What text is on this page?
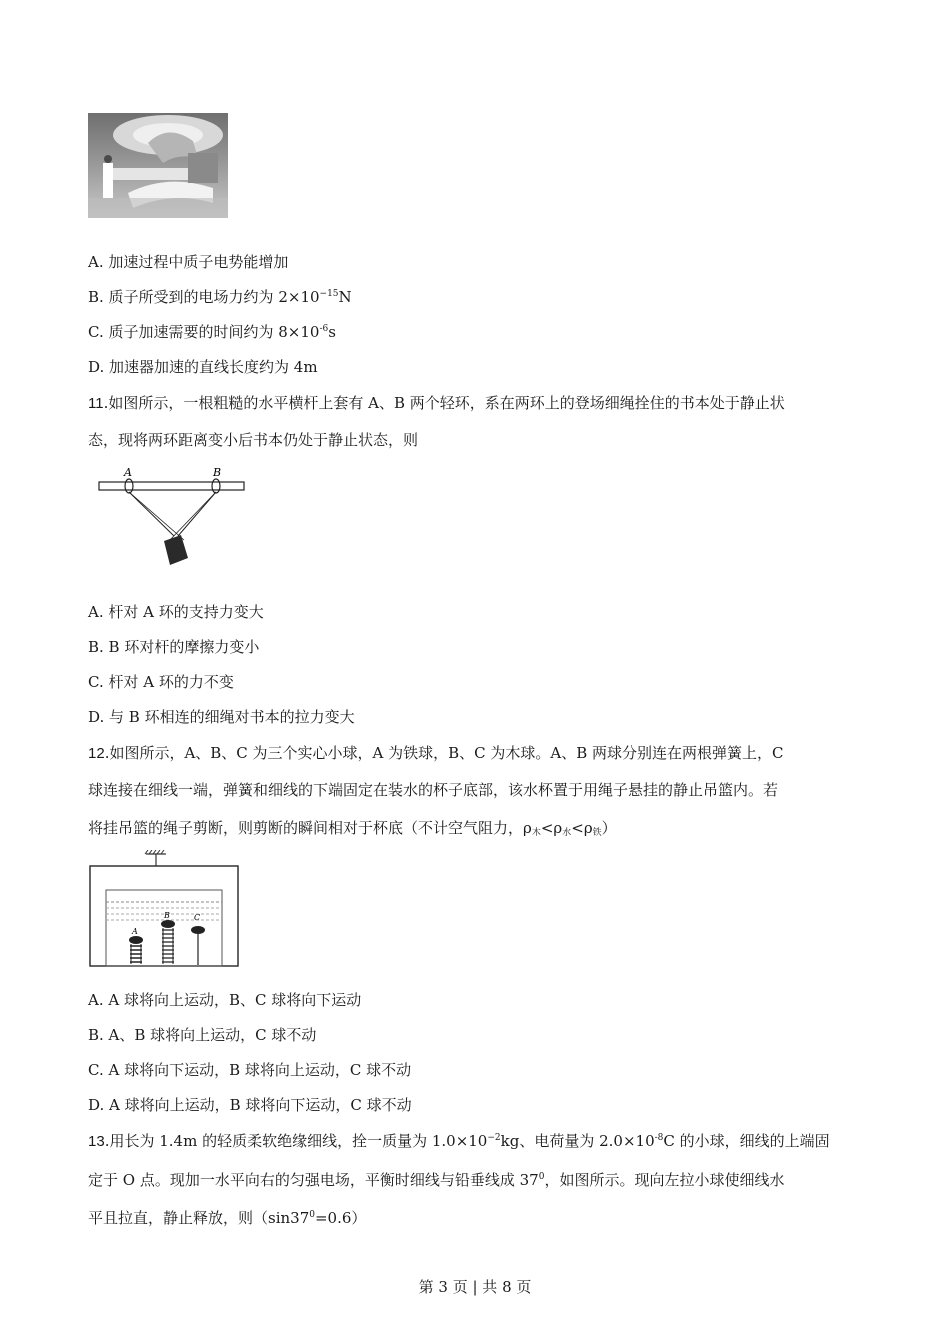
A. 加速过程中质子电势能增加
B. 质子所受到的电场力约为 $2\times 10^{-15}N$
C. 质子加速需要的时间约为 $8\times 10^{-6}s$
D. 加速器加速的直线长度约为 4m
11.如图所示，一根粗糙的水平横杆上套有 A、B 两个轻环，系在两环上的登场细绳拴住的书本处于静止状
态，现将两环距离变小后书本仍处于静止状态，则
A	B
A. 杆对 A 环的支持力变大
B. B 环对杆的摩擦力变小
C. 杆对 A 环的力不变
D. 与 B 环相连的细绳对书本的拉力变大
12.如图所示，A、B、C 为三个实心小球，A 为铁球，B、C 为木球。A、B 两球分别连在两根弹簧上，C
球连接在细线一端，弹簧和细线的下端固定在装水的杯子底部，该水杯置于用绳子悬挂的静止吊篮内。若
将挂吊篮的绳子剪断，则剪断的瞬间相对于杯底（不计空气阻力，$\rho_木<\rho_水<\rho_铁$）
A
B	C
A. A 球将向上运动，B、C 球将向下运动
B. A、B 球将向上运动，C 球不动
C. A 球将向下运动，B 球将向上运动，C 球不动
D. A 球将向上运动，B 球将向下运动，C 球不动
13.用长为 1.4m 的轻质柔软绝缘细线，拴一质量为 $1.0\times 10^{-2}kg$、电荷量为 $2.0\times 10^{-8}C$ 的小球，细线的上端固
定于 O 点。现加一水平向右的匀强电场，平衡时细线与铅垂线成 $37^0$，如图所示。现向左拉小球使细线水
平且拉直，静止释放，则$(\sin 37^0=0.6)$
第 3 页 | 共 8 页
